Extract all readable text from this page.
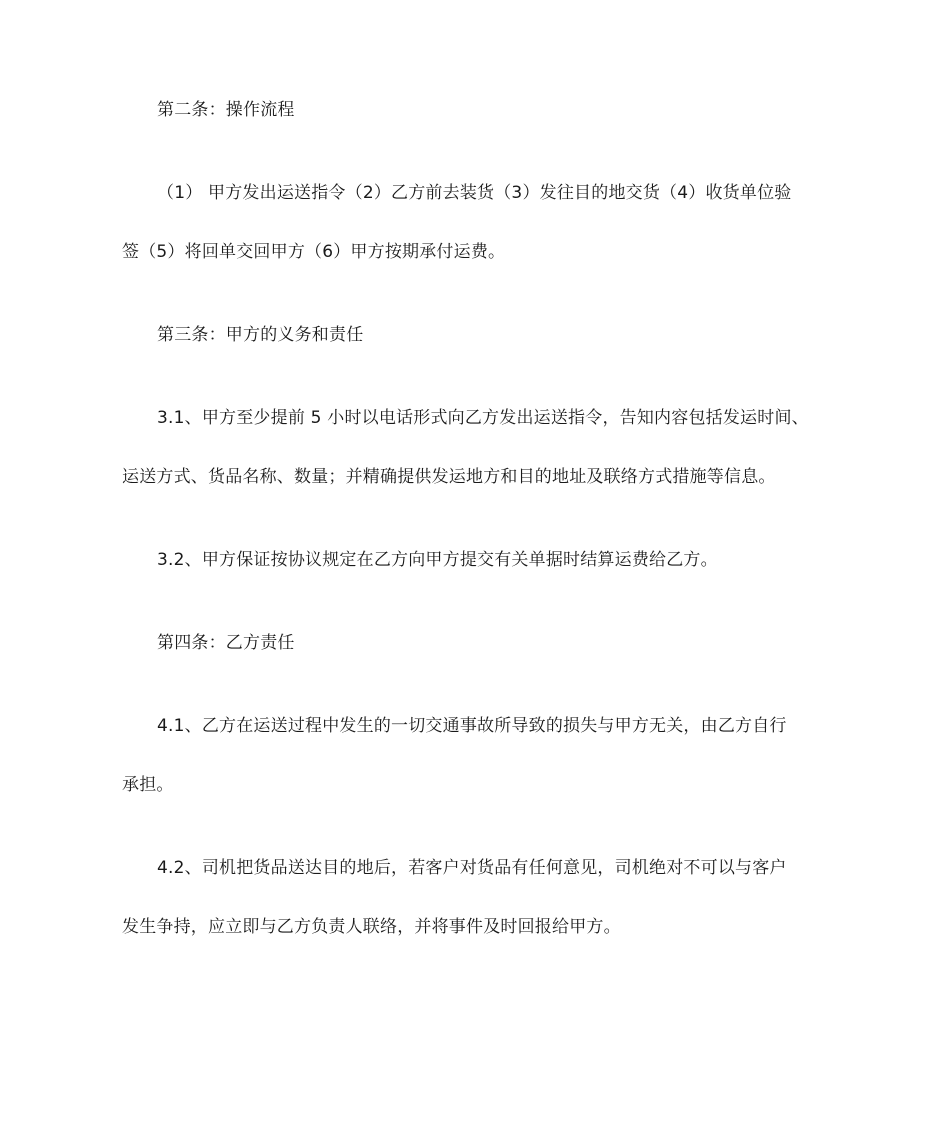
第二条：操作流程

（1） 甲方发出运送指令（2）乙方前去装货（3）发往目的地交货（4）收货单位验
签（5）将回单交回甲方（6）甲方按期承付运费。

第三条：甲方的义务和责任

3.1、甲方至少提前 5 小时以电话形式向乙方发出运送指令，告知内容包括发运时间、
运送方式、货品名称、数量；并精确提供发运地方和目的地址及联络方式措施等信息。

3.2、甲方保证按协议规定在乙方向甲方提交有关单据时结算运费给乙方。

第四条：乙方责任

4.1、乙方在运送过程中发生的一切交通事故所导致的损失与甲方无关，由乙方自行
承担。
4.2、司机把货品送达目的地后，若客户对货品有任何意见，司机绝对不可以与客户
发生争持，应立即与乙方负责人联络，并将事件及时回报给甲方。
